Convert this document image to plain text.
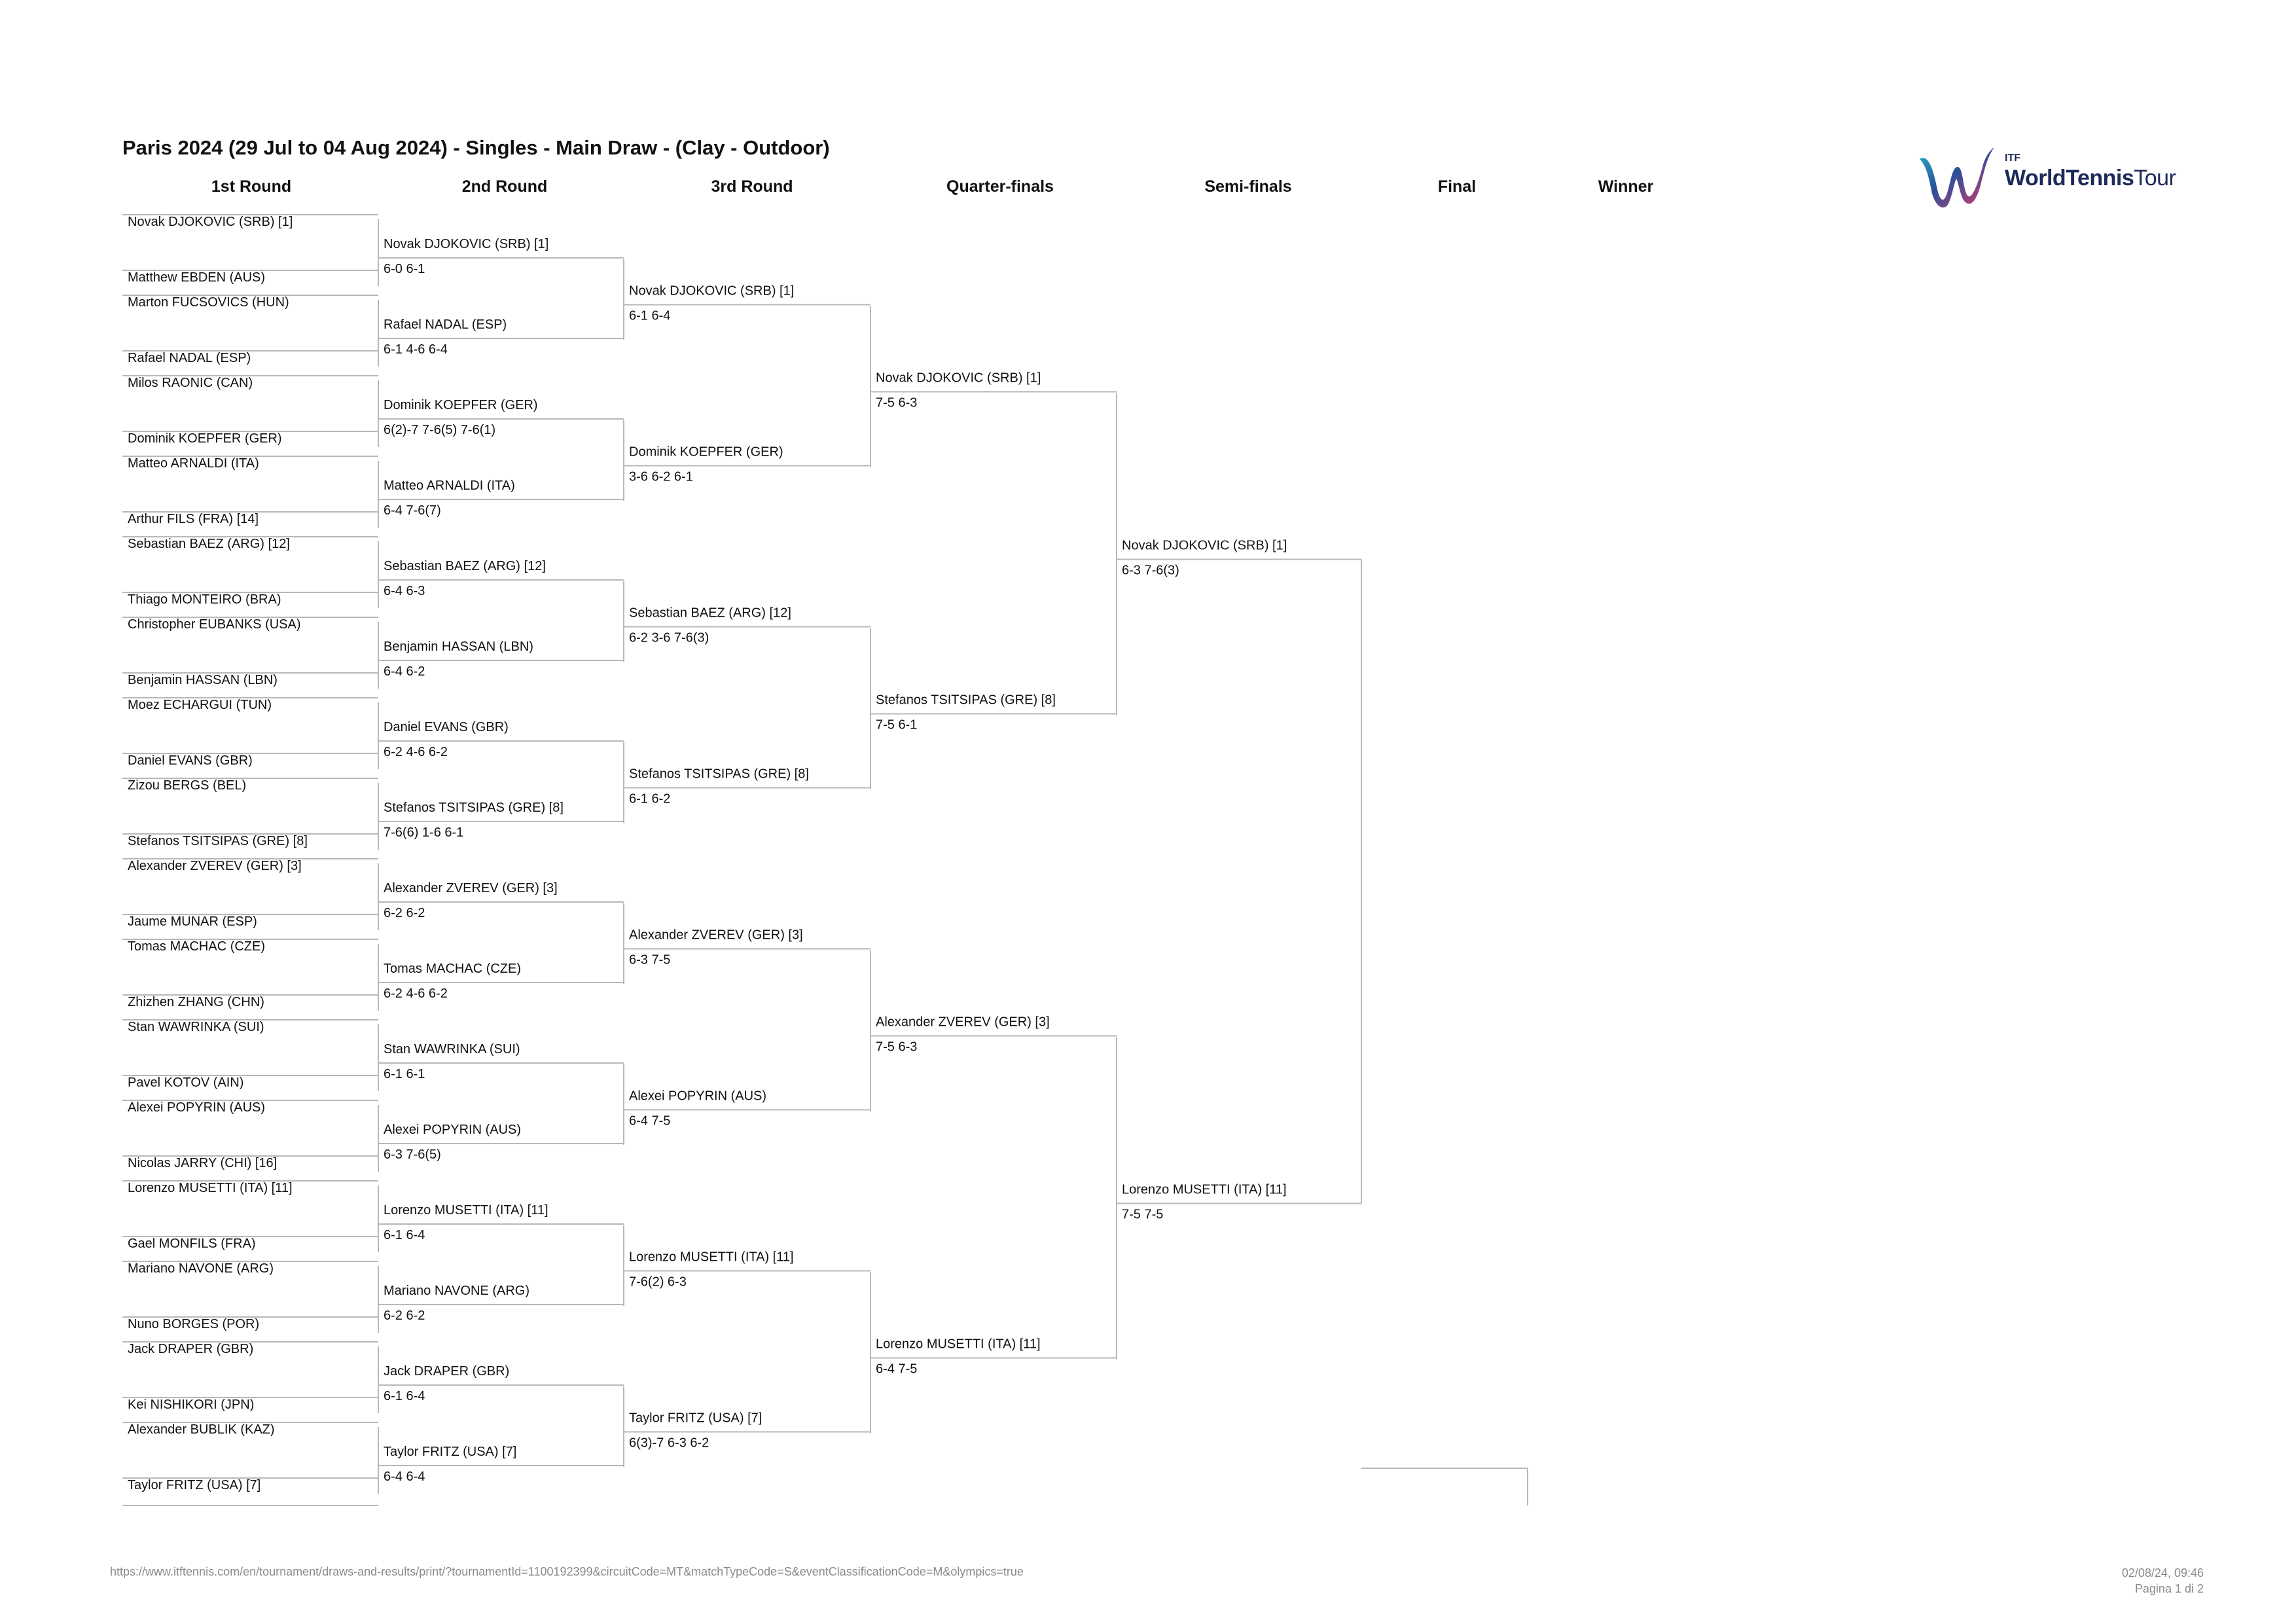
Paris 2024 (29 Jul to 04 Aug 2024) - Singles - Main Draw - (Clay - Outdoor)
1st Round	2nd Round	3rd Round	Quarter-finals	Semi-finals	Final	Winner
ITF
WorldTennisTour
Novak DJOKOVIC (SRB) [1]
Matthew EBDEN (AUS)
Marton FUCSOVICS (HUN)
Rafael NADAL (ESP)
Milos RAONIC (CAN)
Dominik KOEPFER (GER)
Matteo ARNALDI (ITA)
Arthur FILS (FRA) [14]
Sebastian BAEZ (ARG) [12]
Thiago MONTEIRO (BRA)
Christopher EUBANKS (USA)
Benjamin HASSAN (LBN)
Moez ECHARGUI (TUN)
Daniel EVANS (GBR)
Zizou BERGS (BEL)
Stefanos TSITSIPAS (GRE) [8]
Alexander ZVEREV (GER) [3]
Jaume MUNAR (ESP)
Tomas MACHAC (CZE)
Zhizhen ZHANG (CHN)
Stan WAWRINKA (SUI)
Pavel KOTOV (AIN)
Alexei POPYRIN (AUS)
Nicolas JARRY (CHI) [16]
Lorenzo MUSETTI (ITA) [11]
Gael MONFILS (FRA)
Mariano NAVONE (ARG)
Nuno BORGES (POR)
Jack DRAPER (GBR)
Kei NISHIKORI (JPN)
Alexander BUBLIK (KAZ)
Taylor FRITZ (USA) [7]
Novak DJOKOVIC (SRB) [1]
6-0 6-1
Rafael NADAL (ESP)
6-1 4-6 6-4
Dominik KOEPFER (GER)
6(2)-7 7-6(5) 7-6(1)
Matteo ARNALDI (ITA)
6-4 7-6(7)
Sebastian BAEZ (ARG) [12]
6-4 6-3
Benjamin HASSAN (LBN)
6-4 6-2
Daniel EVANS (GBR)
6-2 4-6 6-2
Stefanos TSITSIPAS (GRE) [8]
7-6(6) 1-6 6-1
Alexander ZVEREV (GER) [3]
6-2 6-2
Tomas MACHAC (CZE)
6-2 4-6 6-2
Stan WAWRINKA (SUI)
6-1 6-1
Alexei POPYRIN (AUS)
6-3 7-6(5)
Lorenzo MUSETTI (ITA) [11]
6-1 6-4
Mariano NAVONE (ARG)
6-2 6-2
Jack DRAPER (GBR)
6-1 6-4
Taylor FRITZ (USA) [7]
6-4 6-4
Novak DJOKOVIC (SRB) [1]
6-1 6-4
Dominik KOEPFER (GER)
3-6 6-2 6-1
Sebastian BAEZ (ARG) [12]
6-2 3-6 7-6(3)
Stefanos TSITSIPAS (GRE) [8]
6-1 6-2
Alexander ZVEREV (GER) [3]
6-3 7-5
Alexei POPYRIN (AUS)
6-4 7-5
Lorenzo MUSETTI (ITA) [11]
7-6(2) 6-3
Taylor FRITZ (USA) [7]
6(3)-7 6-3 6-2
Novak DJOKOVIC (SRB) [1]
7-5 6-3
Stefanos TSITSIPAS (GRE) [8]
7-5 6-1
Alexander ZVEREV (GER) [3]
7-5 6-3
Lorenzo MUSETTI (ITA) [11]
6-4 7-5
Novak DJOKOVIC (SRB) [1]
6-3 7-6(3)
Lorenzo MUSETTI (ITA) [11]
7-5 7-5
https://www.itftennis.com/en/tournament/draws-and-results/print/?tournamentId=1100192399&circuitCode=MT&matchTypeCode=S&eventClassificationCode=M&olympics=true	02/08/24, 09:46
Pagina 1 di 2
